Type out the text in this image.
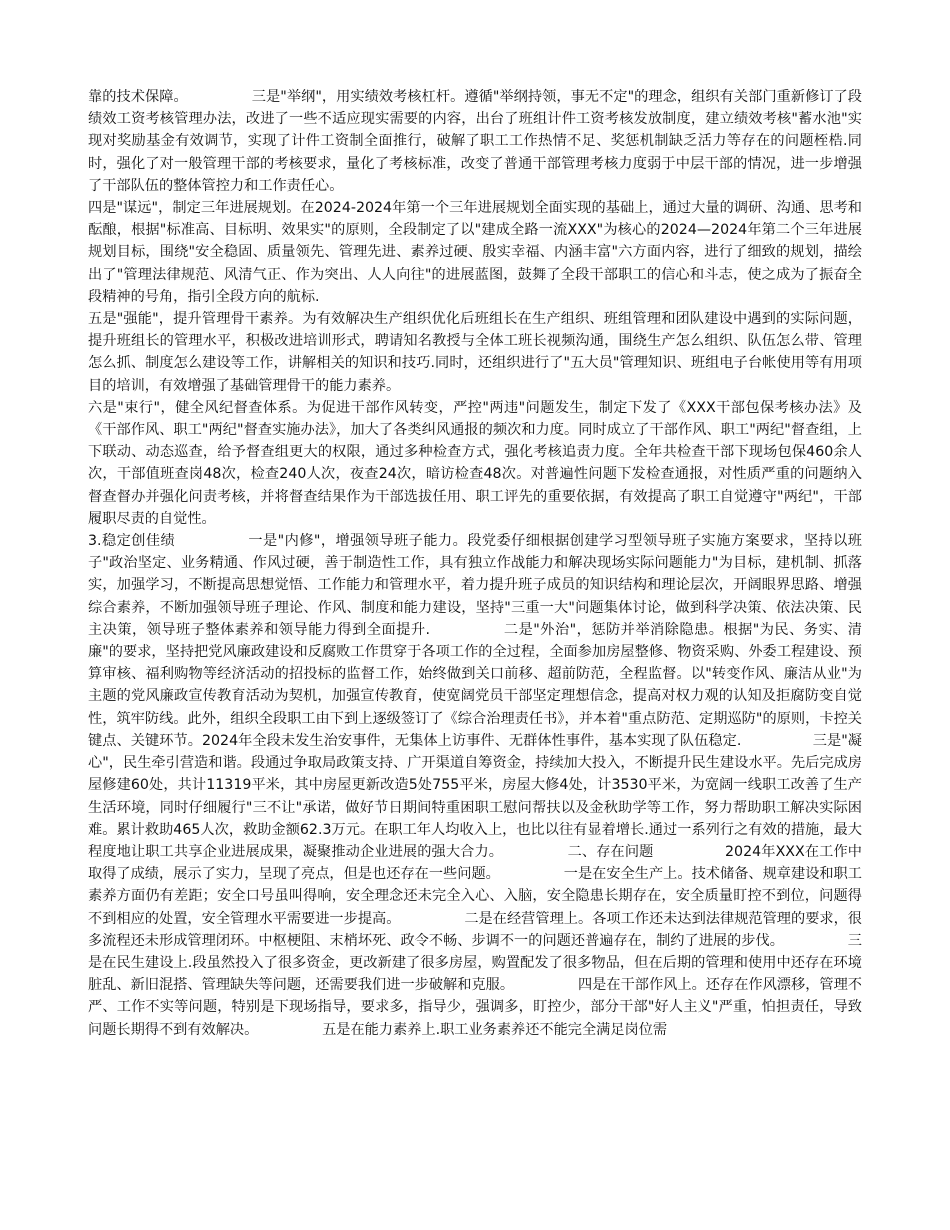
靠的技术保障。　　　　　三是"举纲"，用实绩效考核杠杆。遵循"举纲持领，事无不定"的理念，组织有关部门重新修订了段绩效工资考核管理办法，改进了一些不适应现实需要的内容，出台了班组计件工资考核发放制度，建立绩效考核"蓄水池"实现对奖励基金有效调节，实现了计件工资制全面推行，破解了职工工作热情不足、奖惩机制缺乏活力等存在的问题桎梏.同时，强化了对一般管理干部的考核要求，量化了考核标准，改变了普通干部管理考核力度弱于中层干部的情况，进一步增强了干部队伍的整体管控力和工作责任心。

四是"谋远"，制定三年进展规划。在2024-2024年第一个三年进展规划全面实现的基础上，通过大量的调研、沟通、思考和酝酿，根据"标准高、目标明、效果实"的原则，全段制定了以"建成全路一流XXX"为核心的2024—2024年第二个三年进展规划目标，围绕"安全稳固、质量领先、管理先进、素养过硬、殷实幸福、内涵丰富"六方面内容，进行了细致的规划，描绘出了"管理法律规范、风清气正、作为突出、人人向往"的进展蓝图，鼓舞了全段干部职工的信心和斗志，使之成为了振奋全段精神的号角，指引全段方向的航标.

五是"强能"，提升管理骨干素养。为有效解决生产组织优化后班组长在生产组织、班组管理和团队建设中遇到的实际问题，提升班组长的管理水平，积极改进培训形式，聘请知名教授与全体工班长视频沟通，围绕生产怎么组织、队伍怎么带、管理怎么抓、制度怎么建设等工作，讲解相关的知识和技巧.同时，还组织进行了"五大员"管理知识、班组电子台帐使用等有用项目的培训，有效增强了基础管理骨干的能力素养。

六是"束行"，健全风纪督查体系。为促进干部作风转变，严控"两违"问题发生，制定下发了《XXX干部包保考核办法》及《干部作风、职工"两纪"督查实施办法》，加大了各类纠风通报的频次和力度。同时成立了干部作风、职工"两纪"督查组，上下联动、动态巡查，给予督查组更大的权限，通过多种检查方式，强化考核追责力度。全年共检查干部下现场包保460余人次，干部值班查岗48次，检查240人次，夜查24次，暗访检查48次。对普遍性问题下发检查通报，对性质严重的问题纳入督查督办并强化问责考核，并将督查结果作为干部选拔任用、职工评先的重要依据，有效提高了职工自觉遵守"两纪"，干部履职尽责的自觉性。

3.稳定创佳绩　　　　　一是"内修"，增强领导班子能力。段党委仔细根据创建学习型领导班子实施方案要求，坚持以班子"政治坚定、业务精通、作风过硬，善于制造性工作，具有独立作战能力和解决现场实际问题能力"为目标，建机制、抓落实，加强学习，不断提高思想觉悟、工作能力和管理水平，着力提升班子成员的知识结构和理论层次，开阔眼界思路、增强综合素养，不断加强领导班子理论、作风、制度和能力建设，坚持"三重一大"问题集体讨论，做到科学决策、依法决策、民主决策，领导班子整体素养和领导能力得到全面提升.　　　　　二是"外治"，惩防并举消除隐患。根据"为民、务实、清廉"的要求，坚持把党风廉政建设和反腐败工作贯穿于各项工作的全过程，全面参加房屋整修、物资采购、外委工程建设、预算审核、福利购物等经济活动的招投标的监督工作，始终做到关口前移、超前防范，全程监督。以"转变作风、廉洁从业"为主题的党风廉政宣传教育活动为契机，加强宣传教育，使宽阔党员干部坚定理想信念，提高对权力观的认知及拒腐防变自觉性，筑牢防线。此外，组织全段职工由下到上逐级签订了《综合治理责任书》，并本着"重点防范、定期巡防"的原则，卡控关键点、关键环节。2024年全段未发生治安事件，无集体上访事件、无群体性事件，基本实现了队伍稳定.　　　　　三是"凝心"，民生牵引营造和谐。段通过争取局政策支持、广开渠道自筹资金，持续加大投入，不断提升民生建设水平。先后完成房屋修建60处，共计11319平米，其中房屋更新改造5处755平米，房屋大修4处，计3530平米，为宽阔一线职工改善了生产生活环境，同时仔细履行"三不让"承诺，做好节日期间特重困职工慰问帮扶以及金秋助学等工作，努力帮助职工解决实际困难。累计救助465人次，救助金额62.3万元。在职工年人均收入上，也比以往有显着增长.通过一系列行之有效的措施，最大程度地让职工共享企业进展成果，凝聚推动企业进展的强大合力。　　　　　二、存在问题　　　　　2024年XXX在工作中取得了成绩，展示了实力，呈现了亮点，但是也还存在一些问题。　　　　　一是在安全生产上。技术储备、规章建设和职工素养方面仍有差距；安全口号虽叫得响，安全理念还未完全入心、入脑，安全隐患长期存在，安全质量盯控不到位，问题得不到相应的处置，安全管理水平需要进一步提高。　　　　　二是在经营管理上。各项工作还未达到法律规范管理的要求，很多流程还未形成管理闭环。中枢梗阻、末梢坏死、政令不畅、步调不一的问题还普遍存在，制约了进展的步伐。　　　　　三是在民生建设上.段虽然投入了很多资金，更改新建了很多房屋，购置配发了很多物品，但在后期的管理和使用中还存在环境脏乱、新旧混搭、管理缺失等问题，还需要我们进一步破解和克服。　　　　　四是在干部作风上。还存在作风漂移，管理不严、工作不实等问题，特别是下现场指导，要求多，指导少，强调多，盯控少，部分干部"好人主义"严重，怕担责任，导致问题长期得不到有效解决。　　　　　五是在能力素养上.职工业务素养还不能完全满足岗位需
